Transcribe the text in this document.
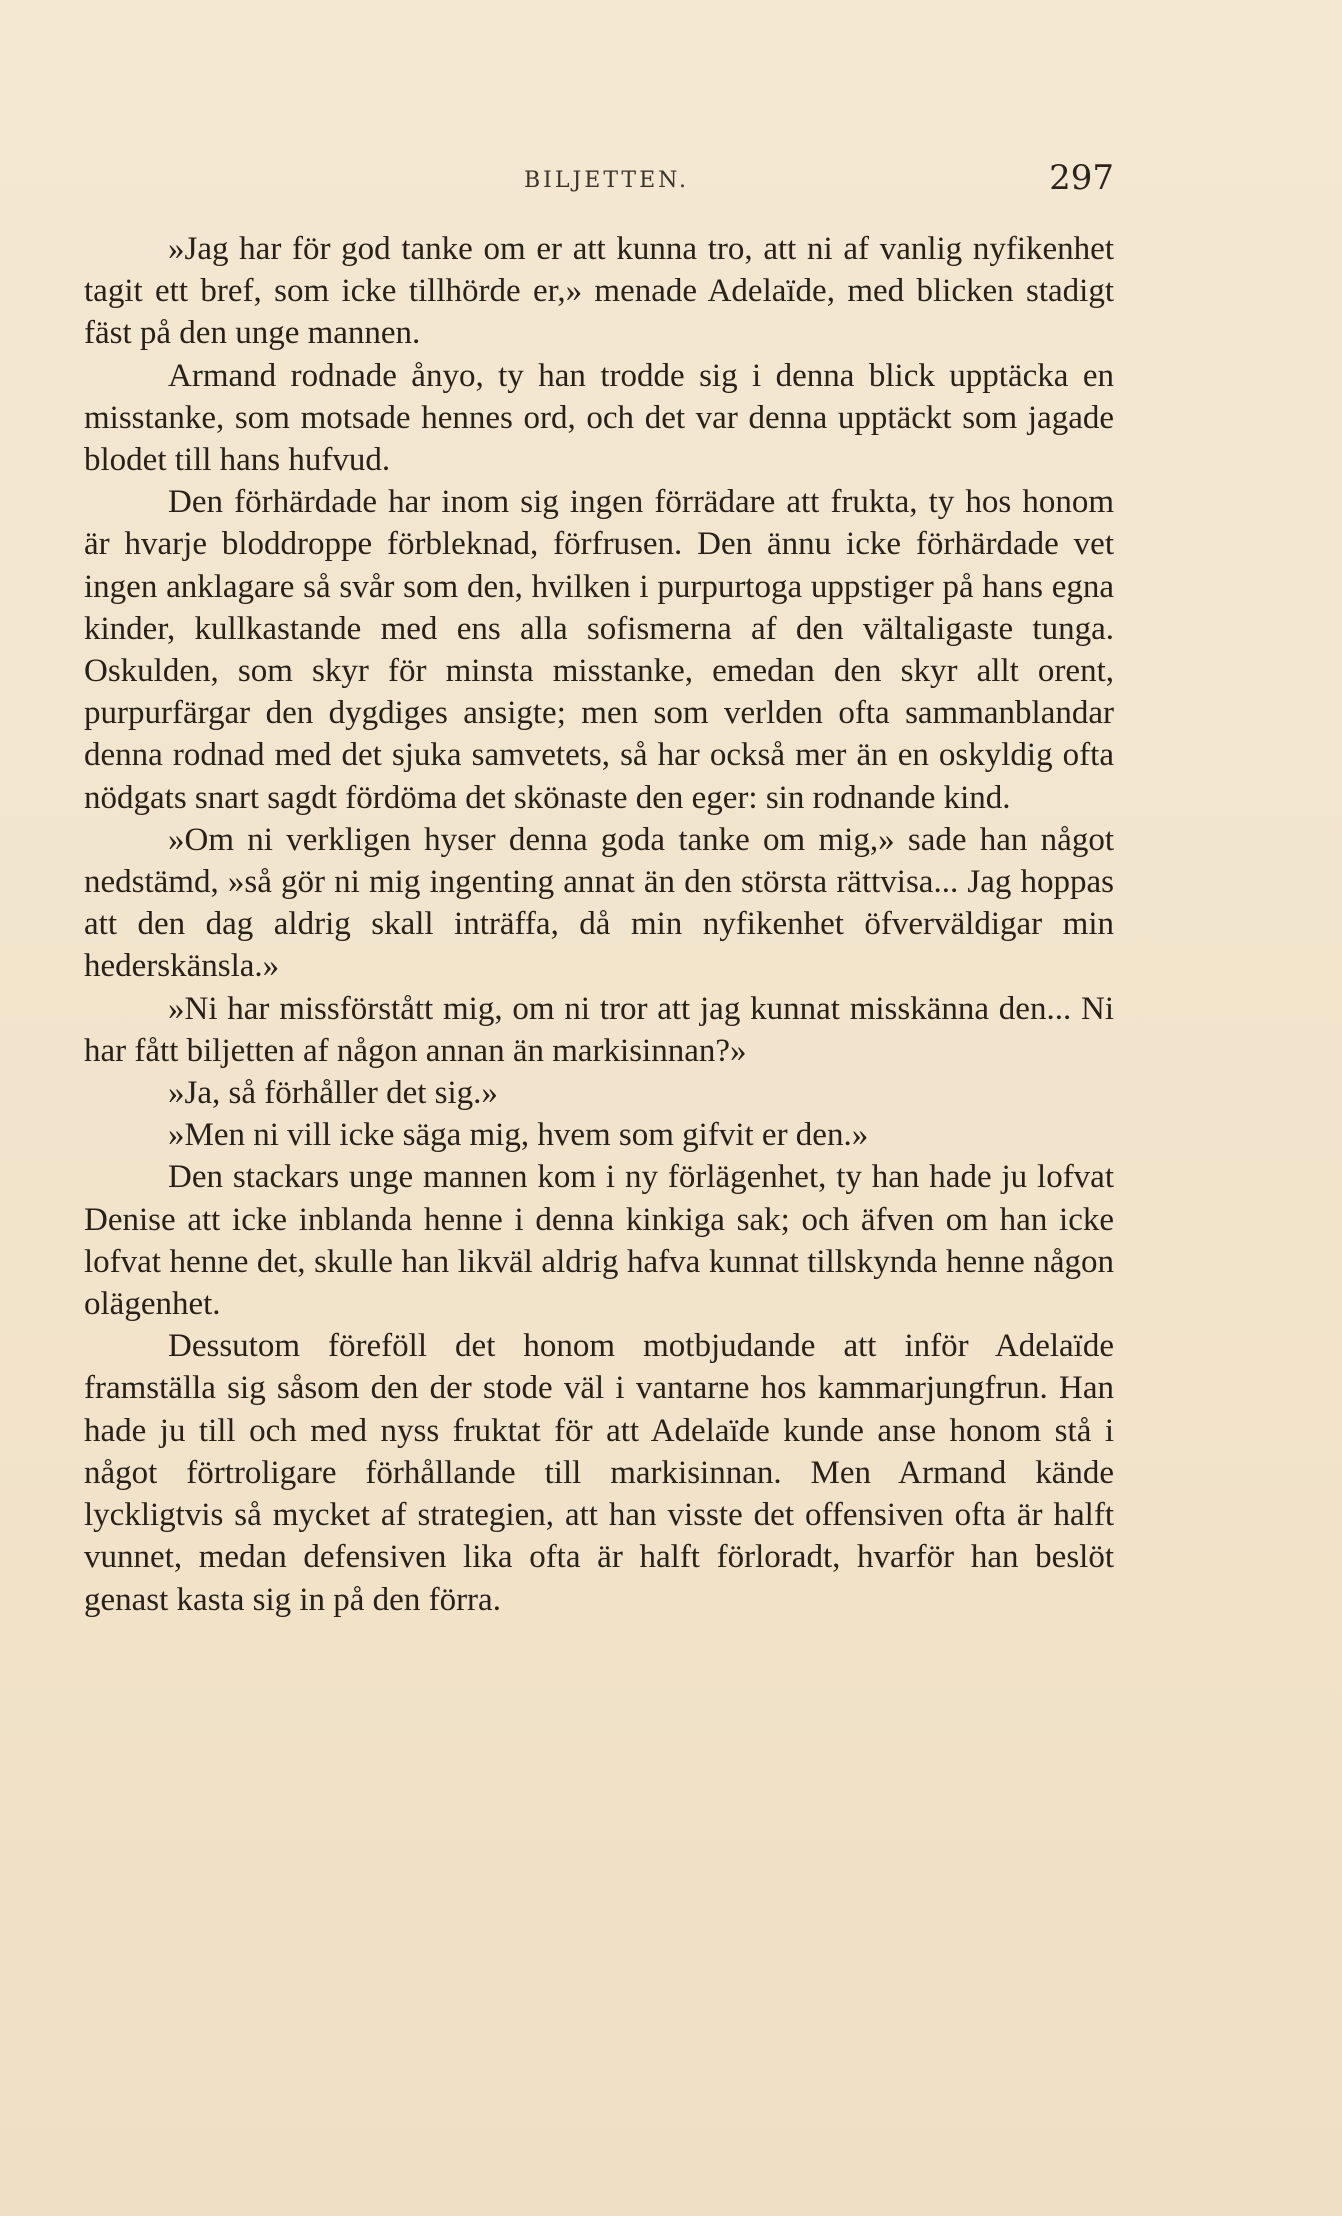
BILJETTEN.	297

»Jag har för god tanke om er att kunna tro, att ni af vanlig nyfikenhet tagit ett bref, som icke tillhörde er,» menade Adelaïde, med blicken stadigt fäst på den unge mannen.

Armand rodnade ånyo, ty han trodde sig i denna blick upptäcka en misstanke, som motsade hennes ord, och det var denna upptäckt som jagade blodet till hans hufvud.

Den förhärdade har inom sig ingen förrädare att frukta, ty hos honom är hvarje bloddroppe förbleknad, förfrusen. Den ännu icke förhärdade vet ingen anklagare så svår som den, hvilken i purpurtoga uppstiger på hans egna kinder, kullkastande med ens alla sofismerna af den vältaligaste tunga. Oskulden, som skyr för minsta misstanke, emedan den skyr allt orent, purpurfärgar den dygdiges ansigte; men som verlden ofta sammanblandar denna rodnad med det sjuka samvetets, så har också mer än en oskyldig ofta nödgats snart sagdt fördöma det skönaste den eger: sin rodnande kind.

»Om ni verkligen hyser denna goda tanke om mig,» sade han något nedstämd, »så gör ni mig ingenting annat än den största rättvisa... Jag hoppas att den dag aldrig skall inträffa, då min nyfikenhet öfverväldigar min hederskänsla.»

»Ni har missförstått mig, om ni tror att jag kunnat misskänna den... Ni har fått biljetten af någon annan än markisinnan?»

»Ja, så förhåller det sig.»

»Men ni vill icke säga mig, hvem som gifvit er den.»

Den stackars unge mannen kom i ny förlägenhet, ty han hade ju lofvat Denise att icke inblanda henne i denna kinkiga sak; och äfven om han icke lofvat henne det, skulle han likväl aldrig hafva kunnat tillskynda henne någon olägenhet.

Dessutom föreföll det honom motbjudande att inför Adelaïde framställa sig såsom den der stode väl i vantarne hos kammarjungfrun. Han hade ju till och med nyss fruktat för att Adelaïde kunde anse honom stå i något förtroligare förhållande till markisinnan. Men Armand kände lyckligtvis så mycket af strategien, att han visste det offensiven ofta är halft vunnet, medan defensiven lika ofta är halft förloradt, hvarför han beslöt genast kasta sig in på den förra.
